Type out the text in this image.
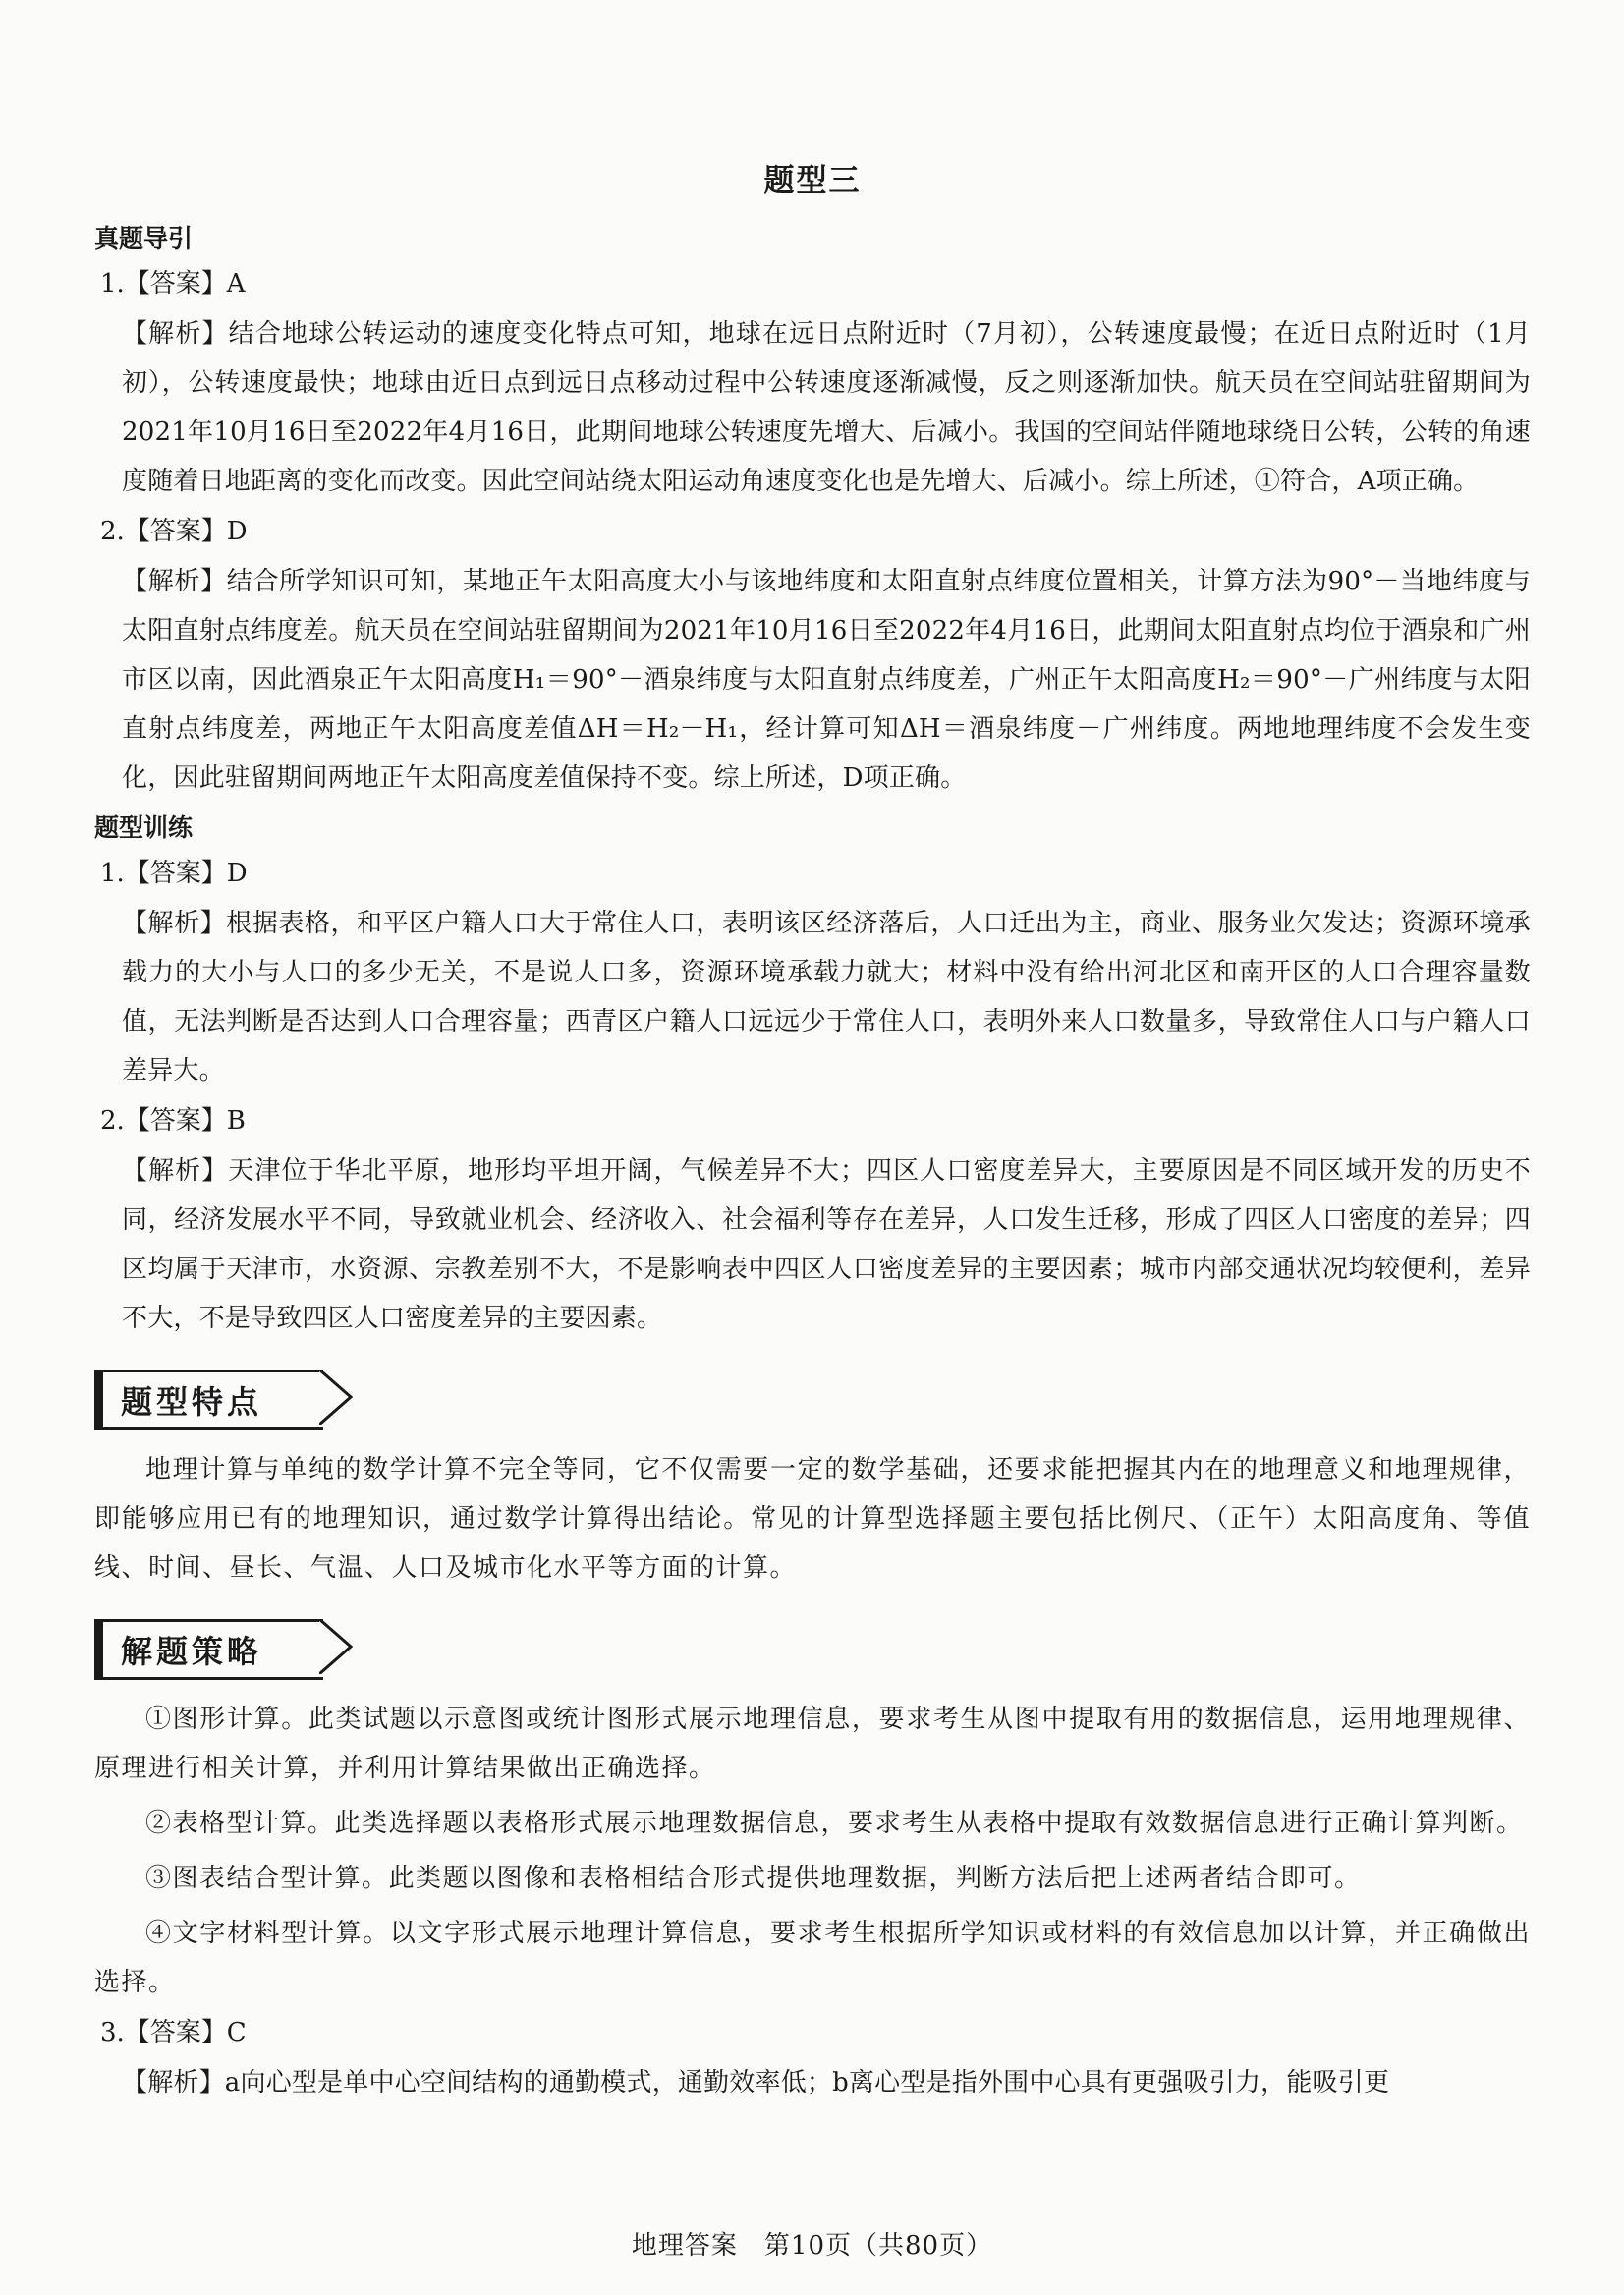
题型三
真题导引
1.【答案】A
【解析】结合地球公转运动的速度变化特点可知，地球在远日点附近时（7月初），公转速度最慢；在近日点附近时（1月初），公转速度最快；地球由近日点到远日点移动过程中公转速度逐渐减慢，反之则逐渐加快。航天员在空间站驻留期间为2021年10月16日至2022年4月16日，此期间地球公转速度先增大、后减小。我国的空间站伴随地球绕日公转，公转的角速度随着日地距离的变化而改变。因此空间站绕太阳运动角速度变化也是先增大、后减小。综上所述，①符合，A项正确。
2.【答案】D
【解析】结合所学知识可知，某地正午太阳高度大小与该地纬度和太阳直射点纬度位置相关，计算方法为90°－当地纬度与太阳直射点纬度差。航天员在空间站驻留期间为2021年10月16日至2022年4月16日，此期间太阳直射点均位于酒泉和广州市区以南，因此酒泉正午太阳高度H₁＝90°－酒泉纬度与太阳直射点纬度差，广州正午太阳高度H₂＝90°－广州纬度与太阳直射点纬度差，两地正午太阳高度差值ΔH＝H₂－H₁，经计算可知ΔH＝酒泉纬度－广州纬度。两地地理纬度不会发生变化，因此驻留期间两地正午太阳高度差值保持不变。综上所述，D项正确。
题型训练
1.【答案】D
【解析】根据表格，和平区户籍人口大于常住人口，表明该区经济落后，人口迁出为主，商业、服务业欠发达；资源环境承载力的大小与人口的多少无关，不是说人口多，资源环境承载力就大；材料中没有给出河北区和南开区的人口合理容量数值，无法判断是否达到人口合理容量；西青区户籍人口远远少于常住人口，表明外来人口数量多，导致常住人口与户籍人口差异大。
2.【答案】B
【解析】天津位于华北平原，地形均平坦开阔，气候差异不大；四区人口密度差异大，主要原因是不同区域开发的历史不同，经济发展水平不同，导致就业机会、经济收入、社会福利等存在差异，人口发生迁移，形成了四区人口密度的差异；四区均属于天津市，水资源、宗教差别不大，不是影响表中四区人口密度差异的主要因素；城市内部交通状况均较便利，差异不大，不是导致四区人口密度差异的主要因素。
题型特点
地理计算与单纯的数学计算不完全等同，它不仅需要一定的数学基础，还要求能把握其内在的地理意义和地理规律，即能够应用已有的地理知识，通过数学计算得出结论。常见的计算型选择题主要包括比例尺、（正午）太阳高度角、等值线、时间、昼长、气温、人口及城市化水平等方面的计算。
解题策略
①图形计算。此类试题以示意图或统计图形式展示地理信息，要求考生从图中提取有用的数据信息，运用地理规律、原理进行相关计算，并利用计算结果做出正确选择。
②表格型计算。此类选择题以表格形式展示地理数据信息，要求考生从表格中提取有效数据信息进行正确计算判断。
③图表结合型计算。此类题以图像和表格相结合形式提供地理数据，判断方法后把上述两者结合即可。
④文字材料型计算。以文字形式展示地理计算信息，要求考生根据所学知识或材料的有效信息加以计算，并正确做出选择。
3.【答案】C
【解析】a向心型是单中心空间结构的通勤模式，通勤效率低；b离心型是指外围中心具有更强吸引力，能吸引更
地理答案　第10页（共80页）
